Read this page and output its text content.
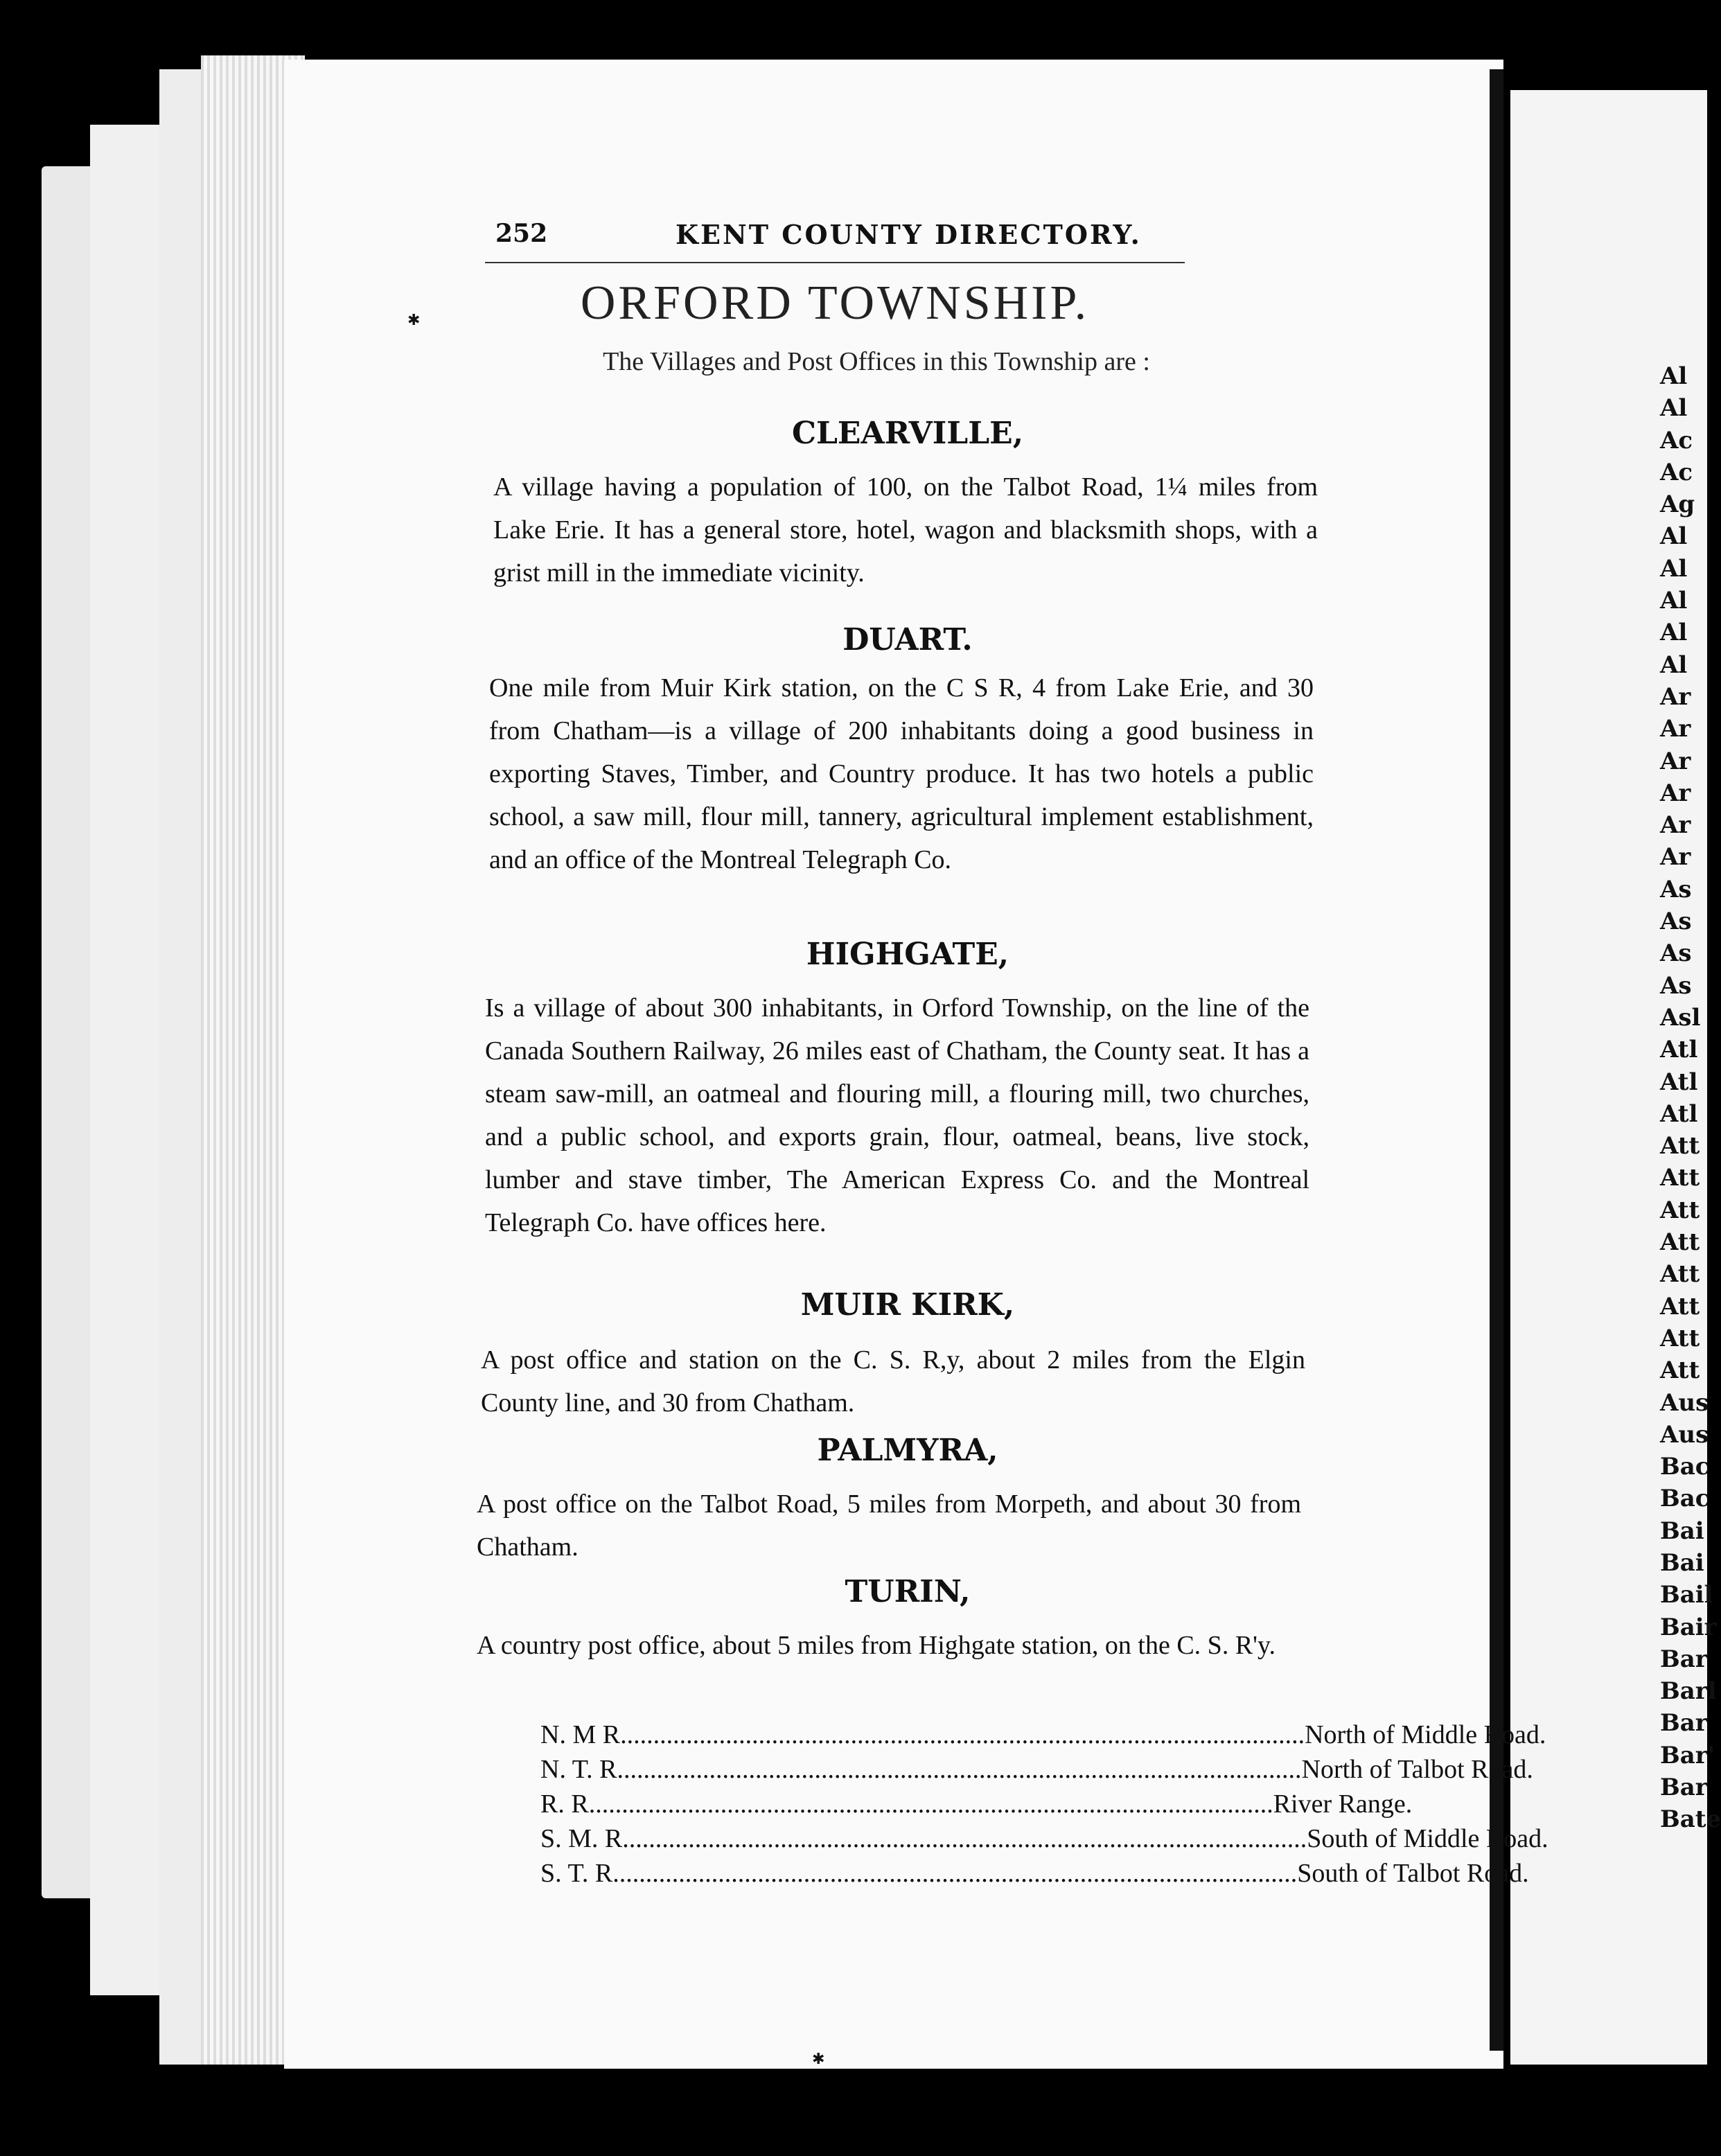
252	KENT COUNTY DIRECTORY.
ORFORD TOWNSHIP.
The Villages and Post Offices in this Township are :
CLEARVILLE,
A village having a population of 100, on the Talbot Road, 1¼ miles from Lake Erie. It has a general store, hotel, wagon and blacksmith shops, with a grist mill in the immediate vicinity.
DUART.
One mile from Muir Kirk station, on the C S R, 4 from Lake Erie, and 30 from Chatham—is a village of 200 inhabitants doing a good business in exporting Staves, Timber, and Country produce. It has two hotels a public school, a saw mill, flour mill, tannery, agricultural implement establishment, and an office of the Montreal Telegraph Co.
HIGHGATE,
Is a village of about 300 inhabitants, in Orford Township, on the line of the Canada Southern Railway, 26 miles east of Chatham, the County seat. It has a steam saw-mill, an oatmeal and flouring mill, a flouring mill, two churches, and a public school, and exports grain, flour, oatmeal, beans, live stock, lumber and stave timber, The American Express Co. and the Montreal Telegraph Co. have offices here.
MUIR KIRK,
A post office and station on the C. S. R,y, about 2 miles from the Elgin County line, and 30 from Chatham.
PALMYRA,
A post office on the Talbot Road, 5 miles from Morpeth, and about 30 from Chatham.
TURIN,
A country post office, about 5 miles from Highgate station, on the C. S. R'y.
N. M R .....	North of Middle Road.
N. T. R .....	North of Talbot Road.
R. R .....	River Range.
S. M. R .....	South of Middle Road.
S. T. R .....	South of Talbot Road.
Al
Al
Ac
Ac
Ag
Al
Al
Al
Al
Al
Ar
Ar
Ar
Ar
Ar
Ar
As
As
As
As
Asl
Atl
Atl
Atl
Att
Att
Att
Att
Att
Att
Att
Att
Aus
Aus
Bac
Bac
Bai
Bai
Bail
Bair
Bar
Barl
Bar
Bar'
Bar
Bate
✱
✱
